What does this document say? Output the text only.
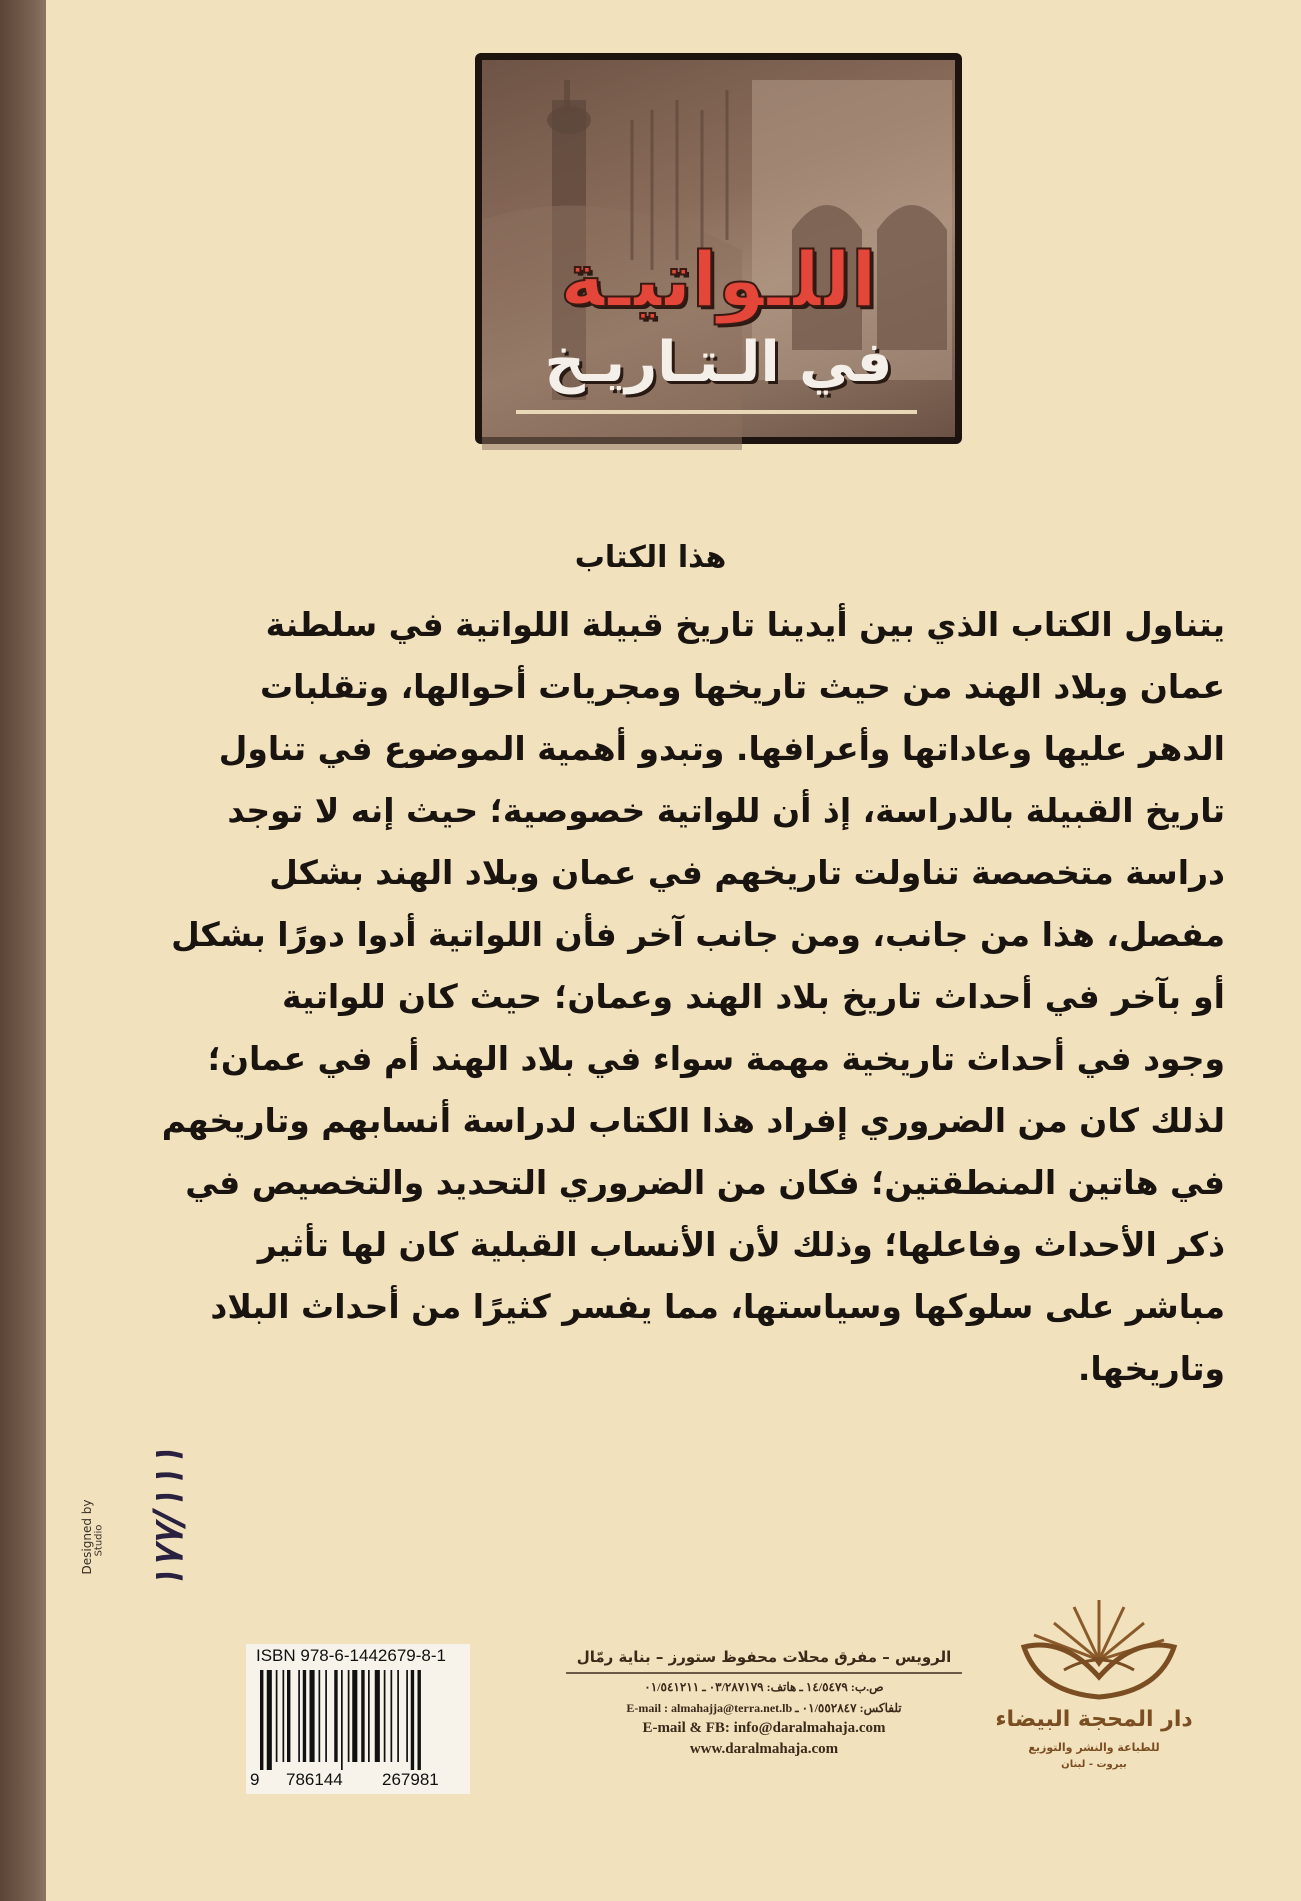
اللـواتيـة
في الـتـاريـخ
هذا الكتاب
يتناول الكتاب الذي بين أيدينا تاريخ قبيلة اللواتية في سلطنة
عمان وبلاد الهند من حيث تاريخها ومجريات أحوالها، وتقلبات
الدهر عليها وعاداتها وأعرافها. وتبدو أهمية الموضوع في تناول
تاريخ القبيلة بالدراسة، إذ أن للواتية خصوصية؛ حيث إنه لا توجد
دراسة متخصصة تناولت تاريخهم في عمان وبلاد الهند بشكل
مفصل، هذا من جانب، ومن جانب آخر فأن اللواتية أدوا دورًا بشكل
أو بآخر في أحداث تاريخ بلاد الهند وعمان؛ حيث كان للواتية
وجود في أحداث تاريخية مهمة سواء في بلاد الهند أم في عمان؛
لذلك كان من الضروري إفراد هذا الكتاب لدراسة أنسابهم وتاريخهم
في هاتين المنطقتين؛ فكان من الضروري التحديد والتخصيص في
ذكر الأحداث وفاعلها؛ وذلك لأن الأنساب القبلية كان لها تأثير
مباشر على سلوكها وسياستها، مما يفسر كثيرًا من أحداث البلاد
وتاريخها.
Designed by ١٧٧/١١١
Studio
ISBN 978-6-1442679-8-1
9 786144 267981
الرويس – مفرق محلات محفوظ ستورز – بناية رمّال
ص.ب: ١٤/٥٤٧٩ ـ هاتف: ٠٣/٢٨٧١٧٩ ـ ٠١/٥٤١٢١١
تلفاكس: ٠١/٥٥٢٨٤٧ ـ E-mail : almahajja@terra.net.lb
E-mail & FB: info@daralmahaja.com
www.daralmahaja.com
دار المحجة البيضاء
للطباعة والنشر والتوزيع
بيروت - لبنان
